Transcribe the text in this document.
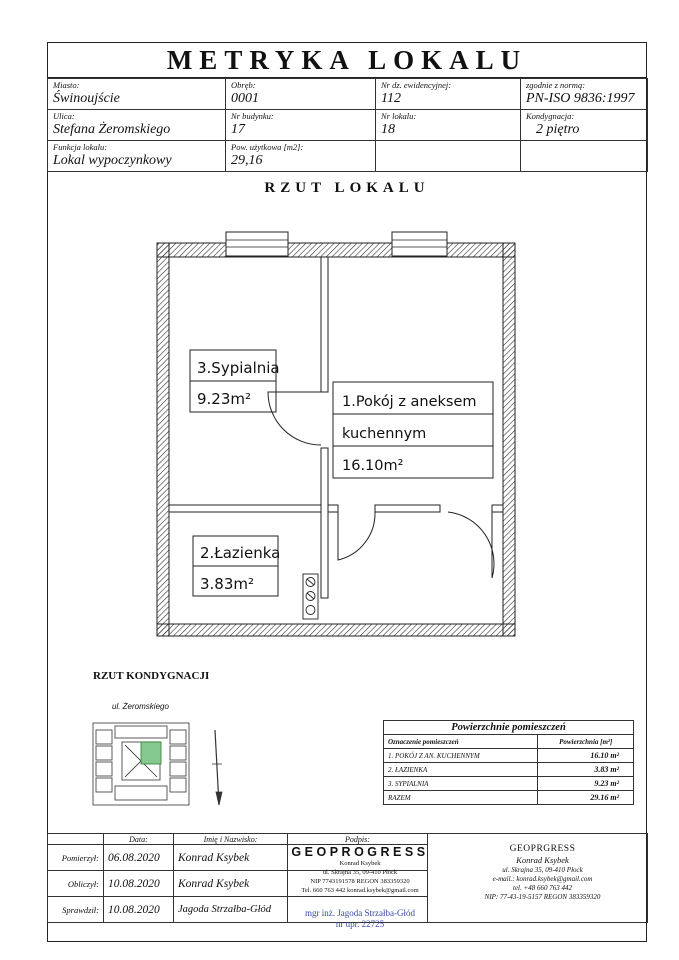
METRYKA LOKALU
Miasto:
Świnoujście	Obręb:
0001	Nr dz. ewidencyjnej:
112	zgodnie z normą:
PN-ISO 9836:1997

Ulica:
Stefana Żeromskiego	Nr budynku:
17	Nr lokalu:
18	Kondygnacja:
2 piętro

Funkcja lokalu:
Lokal wypoczynkowy	Pow. użytkowa [m2]:
29,16		

RZUT LOKALU
3.Sypialnia
9.23m²	1.Pokój z aneksem
kuchennym
16.10m²
2.Łazienka
3.83m²
RZUT KONDYGNACJI
ul. Żeromskiego
Powierzchnie pomieszczeń	
Oznaczenie pomieszczeń	Powierzchnia [m²]
1. POKÓJ Z AN. KUCHENNYM	16.10 m²
2. ŁAZIENKA	3.83 m²
3. SYPIALNIA	9.23 m²
RAZEM	29.16 m²
	Data:	Imię i Nazwisko:	Podpis:	
Pomierzył:	06.08.2020	Konrad Ksybek		
Obliczył:	10.08.2020	Konrad Ksybek		
Sprawdził:	10.08.2020	Jagoda Strzałba-Głód		
GEOPROGRESS
Konrad Ksybek
ul. Skrajna 35, 09-410 Płock
NIP 7743191578 REGON 383359320
Tel. 660 763 442 konrad.ksybek@gmail.com
mgr inż. Jagoda Strzałba-Głód
nr upr. 22725
GEOPRGRESS
Konrad Ksybek
ul. Skrajna 35, 09-410 Płock
e-mail.: konrad.ksybek@gmail.com
tel. +48 660 763 442
NIP: 77-43-19-5157 REGON 383359320
